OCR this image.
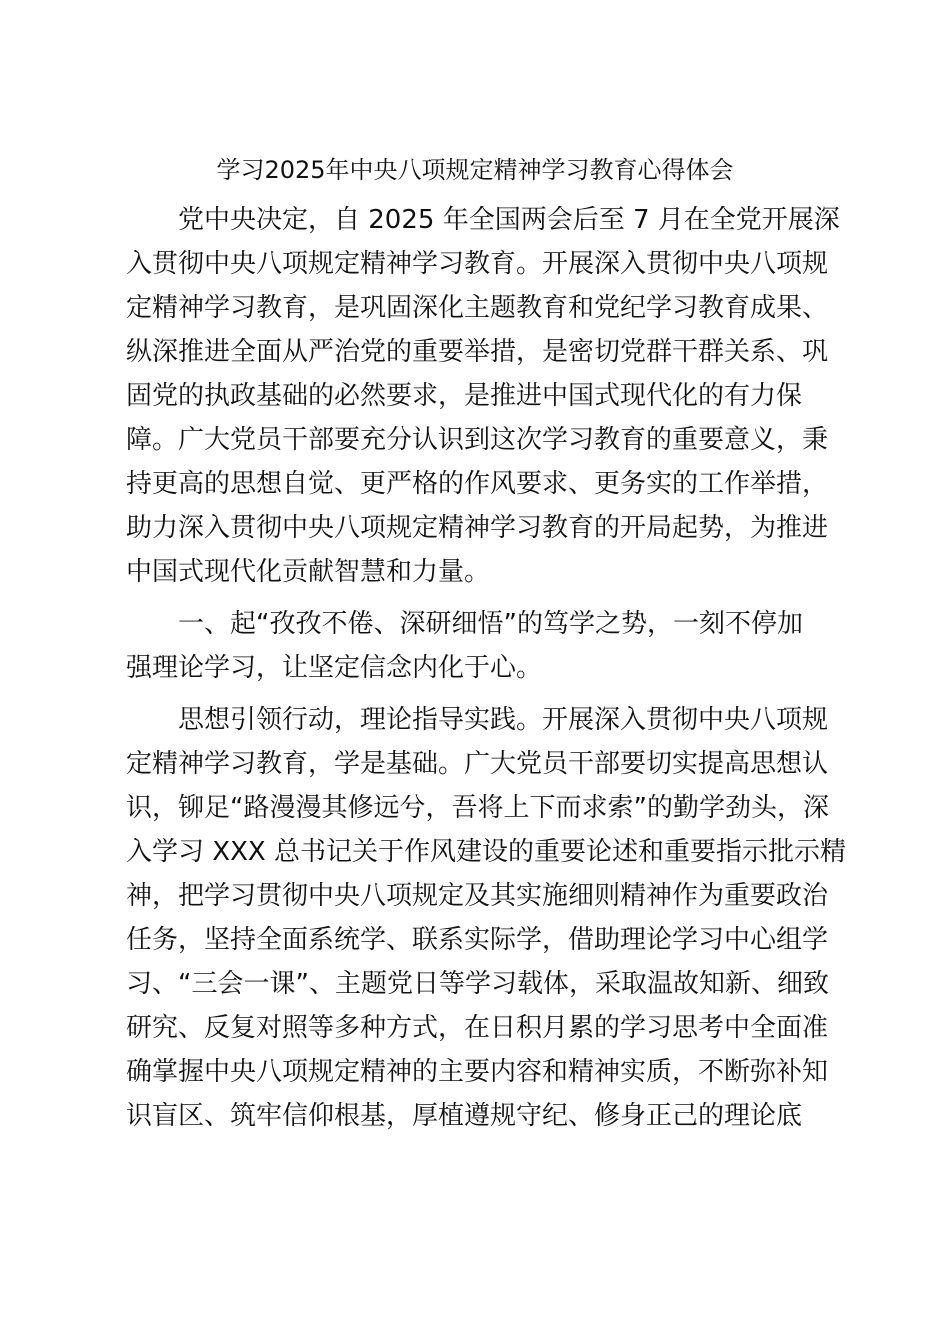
学习2025年中央八项规定精神学习教育心得体会
党中央决定，自 2025 年全国两会后至 7 月在全党开展深
入贯彻中央八项规定精神学习教育。开展深入贯彻中央八项规
定精神学习教育，是巩固深化主题教育和党纪学习教育成果、
纵深推进全面从严治党的重要举措，是密切党群干群关系、巩
固党的执政基础的必然要求，是推进中国式现代化的有力保
障。广大党员干部要充分认识到这次学习教育的重要意义，秉
持更高的思想自觉、更严格的作风要求、更务实的工作举措，
助力深入贯彻中央八项规定精神学习教育的开局起势，为推进
中国式现代化贡献智慧和力量。
一、起“孜孜不倦、深研细悟”的笃学之势，一刻不停加
强理论学习，让坚定信念内化于心。
思想引领行动，理论指导实践。开展深入贯彻中央八项规
定精神学习教育，学是基础。广大党员干部要切实提高思想认
识，铆足“路漫漫其修远兮，吾将上下而求索”的勤学劲头，深
入学习 XXX 总书记关于作风建设的重要论述和重要指示批示精
神，把学习贯彻中央八项规定及其实施细则精神作为重要政治
任务，坚持全面系统学、联系实际学，借助理论学习中心组学
习、“三会一课”、主题党日等学习载体，采取温故知新、细致
研究、反复对照等多种方式，在日积月累的学习思考中全面准
确掌握中央八项规定精神的主要内容和精神实质，不断弥补知
识盲区、筑牢信仰根基，厚植遵规守纪、修身正己的理论底
